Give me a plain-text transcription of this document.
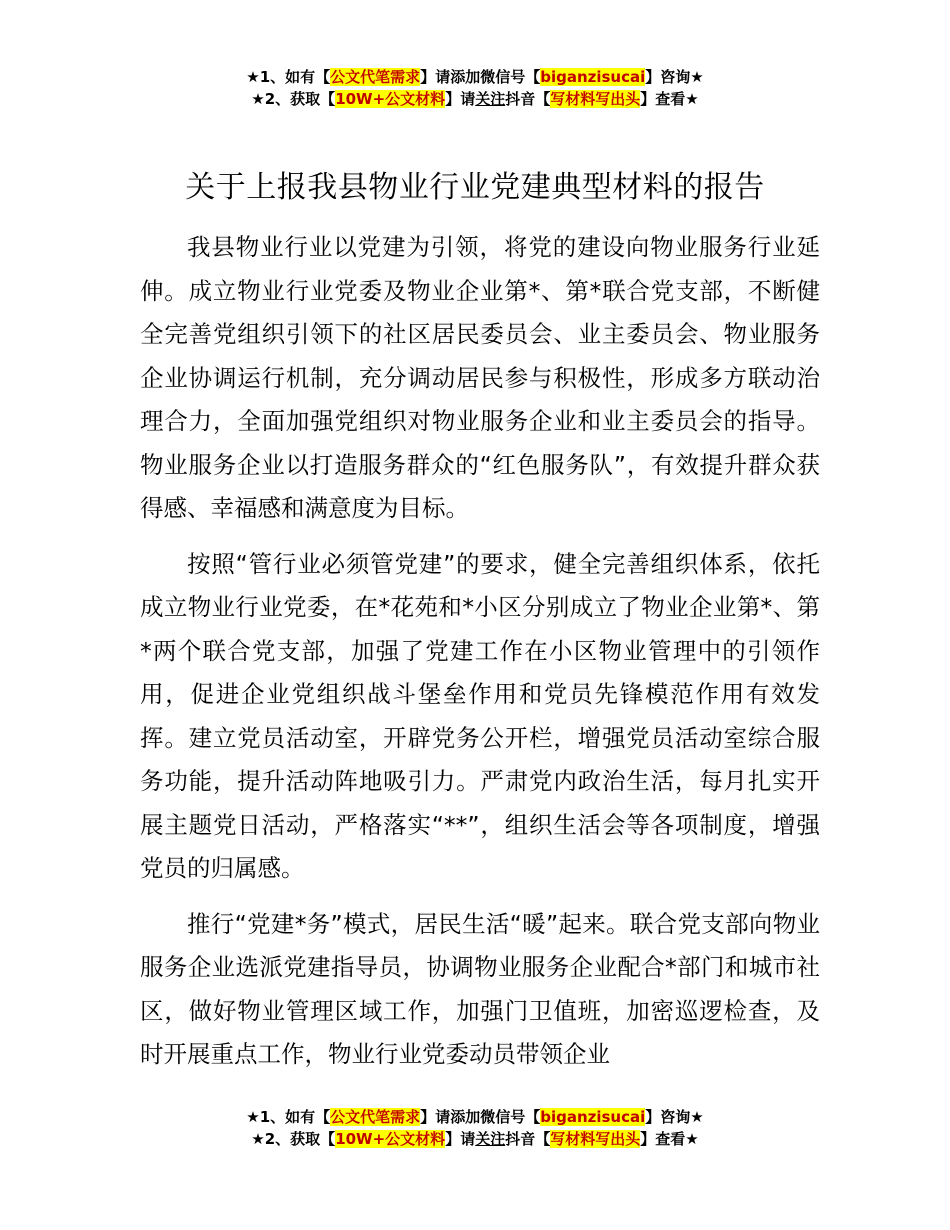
★1、如有【公文代笔需求】请添加微信号【biganzisucai】咨询★
★2、获取【10W+公文材料】请关注抖音【写材料写出头】查看★
关于上报我县物业行业党建典型材料的报告

我县物业行业以党建为引领，将党的建设向物业服务行业延伸。成立物业行业党委及物业企业第*、第*联合党支部，不断健全完善党组织引领下的社区居民委员会、业主委员会、物业服务企业协调运行机制，充分调动居民参与积极性，形成多方联动治理合力，全面加强党组织对物业服务企业和业主委员会的指导。物业服务企业以打造服务群众的“红色服务队”，有效提升群众获得感、幸福感和满意度为目标。

按照“管行业必须管党建”的要求，健全完善组织体系，依托成立物业行业党委，在*花苑和*小区分别成立了物业企业第*、第*两个联合党支部，加强了党建工作在小区物业管理中的引领作用，促进企业党组织战斗堡垒作用和党员先锋模范作用有效发挥。建立党员活动室，开辟党务公开栏，增强党员活动室综合服务功能，提升活动阵地吸引力。严肃党内政治生活，每月扎实开展主题党日活动，严格落实“**”，组织生活会等各项制度，增强党员的归属感。

推行“党建*务”模式，居民生活“暖”起来。联合党支部向物业服务企业选派党建指导员，协调物业服务企业配合*部门和城市社区，做好物业管理区域工作，加强门卫值班，加密巡逻检查，及时开展重点工作，物业行业党委动员带领企业

★1、如有【公文代笔需求】请添加微信号【biganzisucai】咨询★
★2、获取【10W+公文材料】请关注抖音【写材料写出头】查看★
